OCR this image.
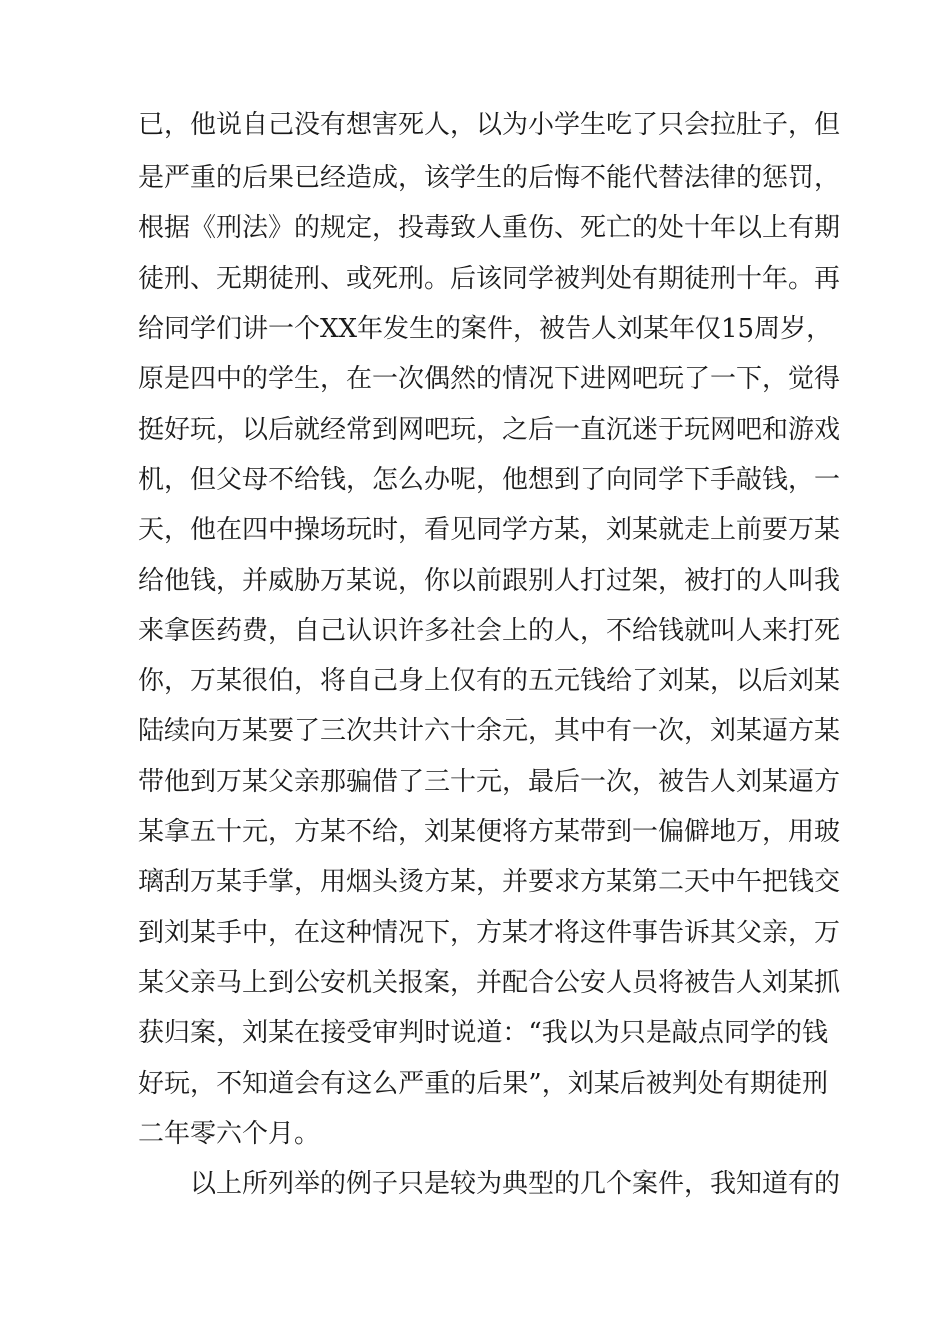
已，他说自己没有想害死人，以为小学生吃了只会拉肚子，但
是严重的后果已经造成，该学生的后悔不能代替法律的惩罚，
根据《刑法》的规定，投毒致人重伤、死亡的处十年以上有期
徒刑、无期徒刑、或死刑。后该同学被判处有期徒刑十年。再
给同学们讲一个XX年发生的案件，被告人刘某年仅15周岁，
原是四中的学生，在一次偶然的情况下进网吧玩了一下，觉得
挺好玩，以后就经常到网吧玩，之后一直沉迷于玩网吧和游戏
机，但父母不给钱，怎么办呢，他想到了向同学下手敲钱，一
天，他在四中操场玩时，看见同学方某，刘某就走上前要万某
给他钱，并威胁万某说，你以前跟别人打过架，被打的人叫我
来拿医药费，自己认识许多社会上的人，不给钱就叫人来打死
你，万某很伯，将自己身上仅有的五元钱给了刘某，以后刘某
陆续向万某要了三次共计六十余元，其中有一次，刘某逼方某
带他到万某父亲那骗借了三十元，最后一次，被告人刘某逼方
某拿五十元，方某不给，刘某便将方某带到一偏僻地万，用玻
璃刮万某手掌，用烟头烫方某，并要求方某第二天中午把钱交
到刘某手中，在这种情况下，方某才将这件事告诉其父亲，万
某父亲马上到公安机关报案，并配合公安人员将被告人刘某抓
获归案，刘某在接受审判时说道：“我以为只是敲点同学的钱
好玩，不知道会有这么严重的后果”，刘某后被判处有期徒刑
二年零六个月。
以上所列举的例子只是较为典型的几个案件，我知道有的
